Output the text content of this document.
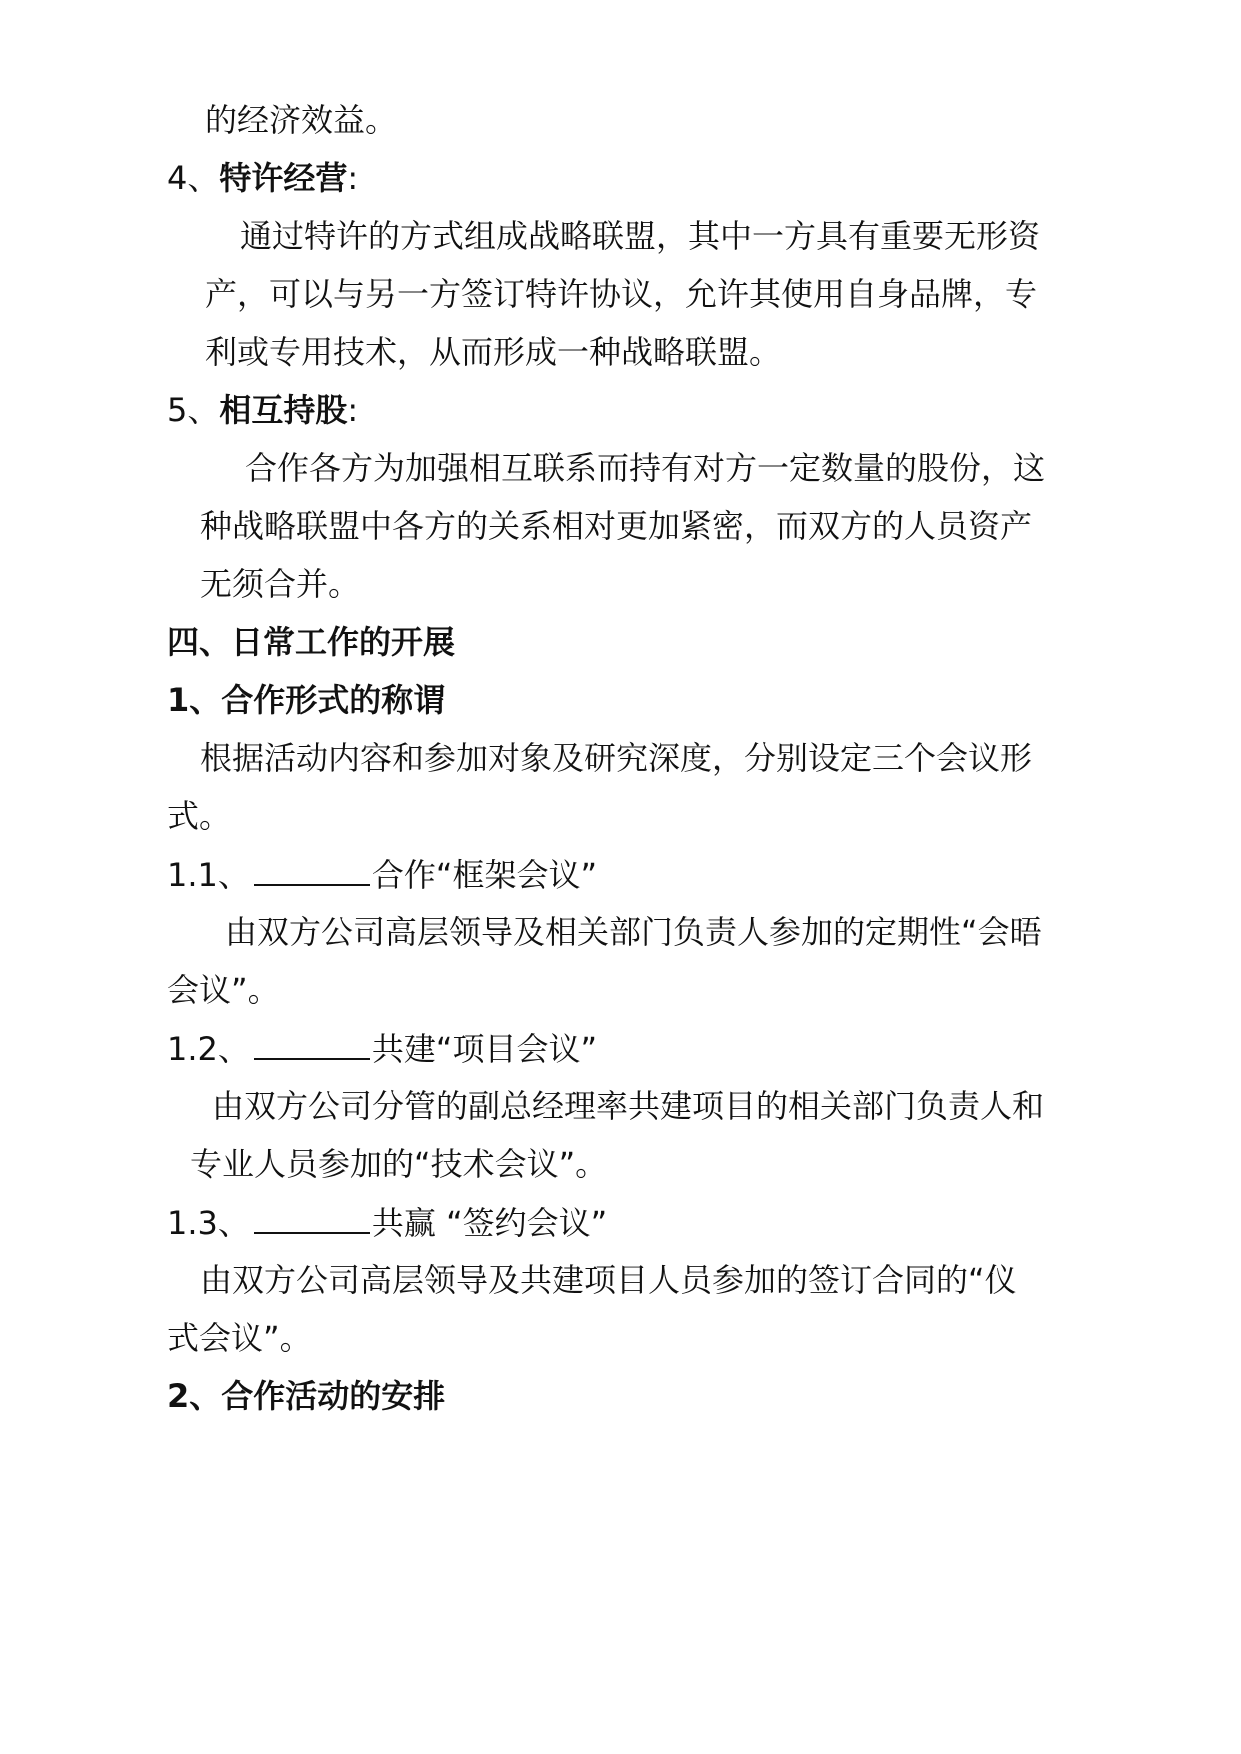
的经济效益。
4、特许经营:
通过特许的方式组成战略联盟，其中一方具有重要无形资
产，可以与另一方签订特许协议，允许其使用自身品牌，专
利或专用技术，从而形成一种战略联盟。
5、相互持股:
合作各方为加强相互联系而持有对方一定数量的股份，这
种战略联盟中各方的关系相对更加紧密，而双方的人员资产
无须合并。
四、日常工作的开展
1、合作形式的称谓
根据活动内容和参加对象及研究深度，分别设定三个会议形
式。
1.1、	合作“框架会议”
由双方公司高层领导及相关部门负责人参加的定期性“会晤
会议”。
1.2、	共建“项目会议”
由双方公司分管的副总经理率共建项目的相关部门负责人和
专业人员参加的“技术会议”。
1.3、	共赢 “签约会议”
由双方公司高层领导及共建项目人员参加的签订合同的“仪
式会议”。
2、合作活动的安排
